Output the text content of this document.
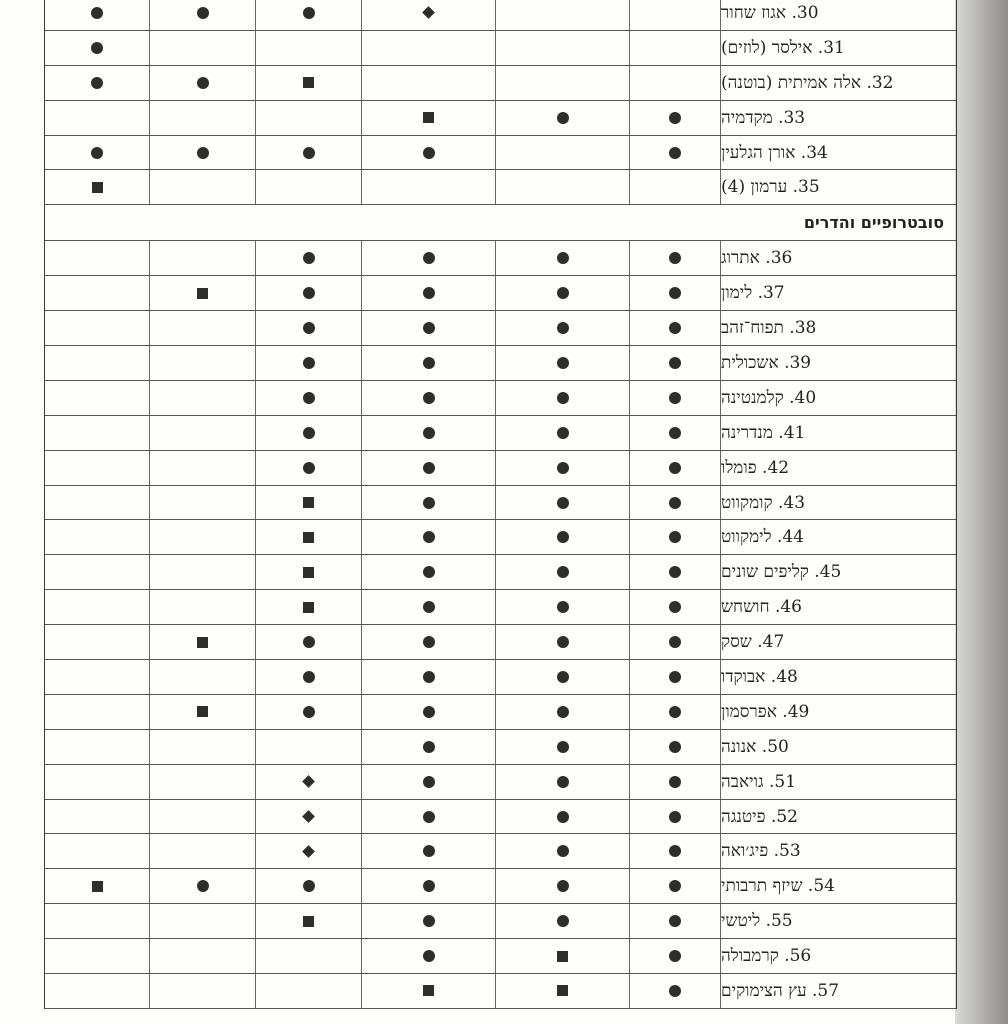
30. אגוז שחור
31. אילסר (לוזים)
32. אלה אמיתית (בוטנה)
33. מקדמיה
34. אורן הגלעין
35. ערמון (4)
סובטרופיים והדרים
36. אתרוג
37. לימון
38. תפוח־זהב
39. אשכולית
40. קלמנטינה
41. מנדרינה
42. פומלו
43. קומקווט
44. לימקווט
45. קליפים שונים
46. חושחש
47. שסק
48. אבוקדו
49. אפרסמון
50. אנונה
51. גויאבה
52. פיטנגה
53. פיג׳ואה
54. שיזף תרבותי
55. ליטשי
56. קרמבולה
57. עץ הצימוקים
